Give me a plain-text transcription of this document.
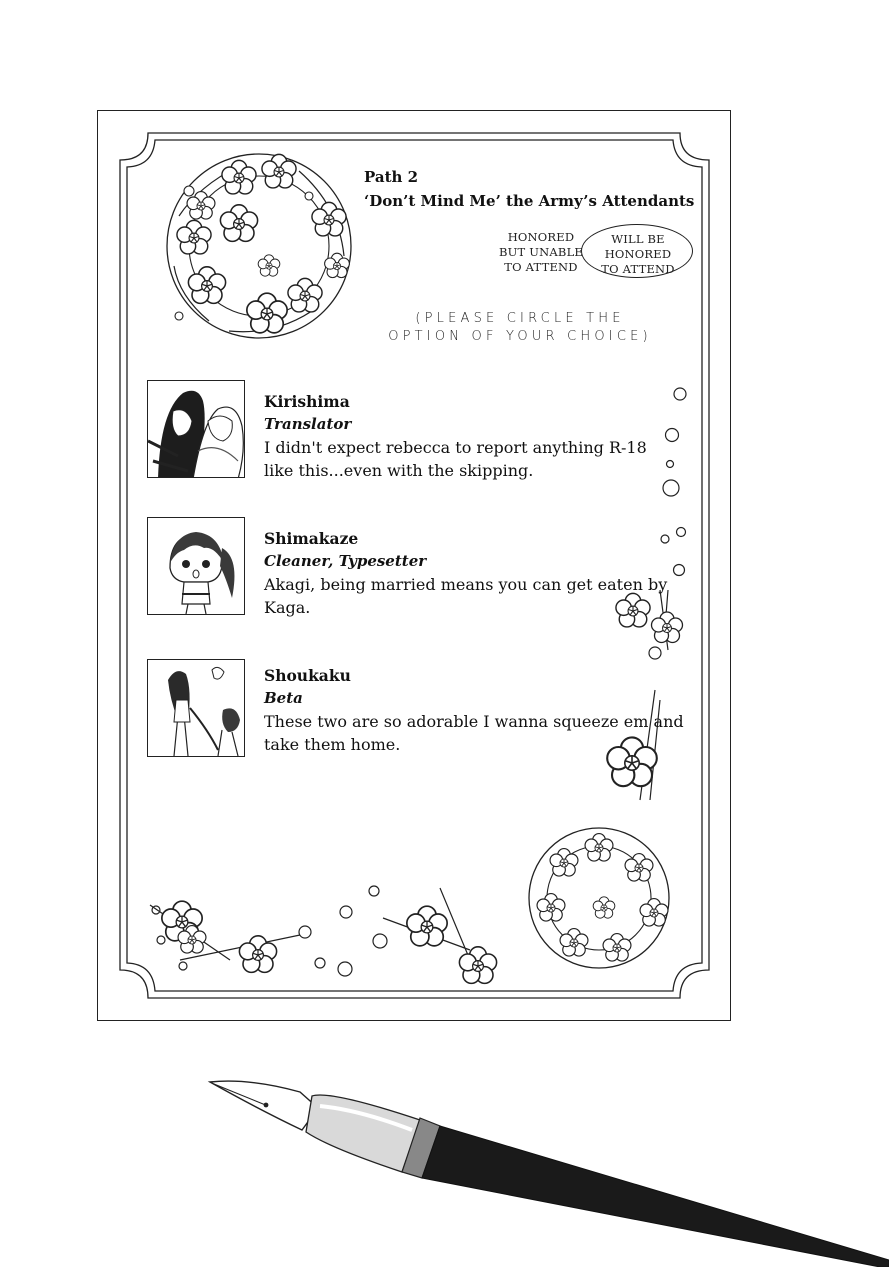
Path 2

‘Don’t Mind Me’ the Army’s Attendants

HONORED
BUT UNABLE
TO ATTEND
WILL BE
HONORED
TO ATTEND
(PLEASE CIRCLE THE
OPTION OF YOUR CHOICE)

Kirishima

Translator

I didn't expect rebecca to report anything R-18
like this...even with the skipping.

Shimakaze

Cleaner, Typesetter

Akagi, being married means you can get eaten by Kaga.

Shoukaku

Beta

These two are so adorable I wanna squeeze em and
take them home.
